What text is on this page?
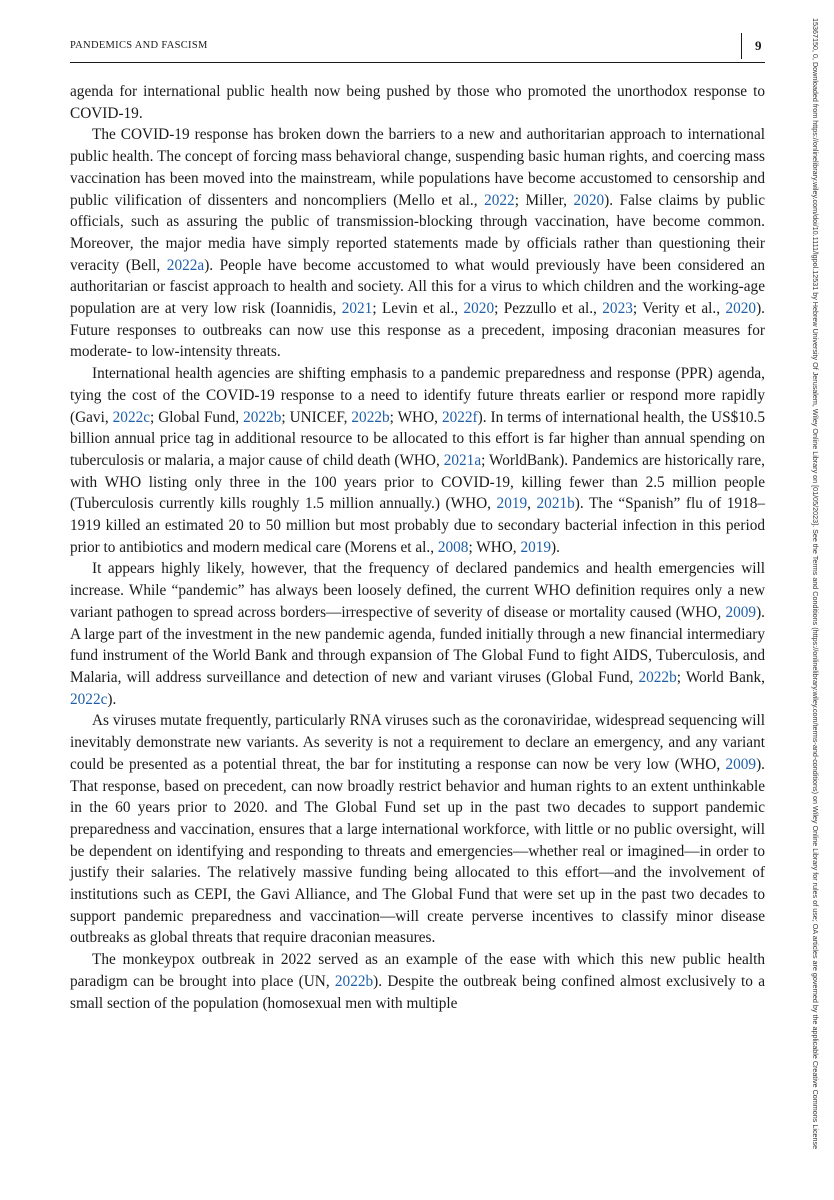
PANDEMICS AND FASCISM	9

agenda for international public health now being pushed by those who promoted the unorthodox response to COVID-19.

The COVID-19 response has broken down the barriers to a new and authoritarian approach to international public health. The concept of forcing mass behavioral change, suspending basic human rights, and coercing mass vaccination has been moved into the mainstream, while populations have become accustomed to censorship and public vilification of dissenters and noncompliers (Mello et al., 2022; Miller, 2020). False claims by public officials, such as assuring the public of transmission-blocking through vaccination, have become common. Moreover, the major media have simply reported statements made by officials rather than questioning their veracity (Bell, 2022a). People have become accustomed to what would previously have been considered an authoritarian or fascist approach to health and society. All this for a virus to which children and the working-age population are at very low risk (Ioannidis, 2021; Levin et al., 2020; Pezzullo et al., 2023; Verity et al., 2020). Future responses to outbreaks can now use this response as a precedent, imposing draconian measures for moderate- to low-intensity threats.

International health agencies are shifting emphasis to a pandemic preparedness and response (PPR) agenda, tying the cost of the COVID-19 response to a need to identify future threats earlier or respond more rapidly (Gavi, 2022c; Global Fund, 2022b; UNICEF, 2022b; WHO, 2022f). In terms of international health, the US$10.5 billion annual price tag in additional resource to be allocated to this effort is far higher than annual spending on tuberculosis or malaria, a major cause of child death (WHO, 2021a; WorldBank). Pandemics are historically rare, with WHO listing only three in the 100 years prior to COVID-19, killing fewer than 2.5 million people (Tuberculosis currently kills roughly 1.5 million annually.) (WHO, 2019, 2021b). The “Spanish” flu of 1918–1919 killed an estimated 20 to 50 million but most probably due to secondary bacterial infection in this period prior to antibiotics and modern medical care (Morens et al., 2008; WHO, 2019).

It appears highly likely, however, that the frequency of declared pandemics and health emergencies will increase. While “pandemic” has always been loosely defined, the current WHO definition requires only a new variant pathogen to spread across borders—irrespective of severity of disease or mortality caused (WHO, 2009). A large part of the investment in the new pandemic agenda, funded initially through a new financial intermediary fund instrument of the World Bank and through expansion of The Global Fund to fight AIDS, Tuberculosis, and Malaria, will address surveillance and detection of new and variant viruses (Global Fund, 2022b; World Bank, 2022c).

As viruses mutate frequently, particularly RNA viruses such as the coronaviridae, widespread sequencing will inevitably demonstrate new variants. As severity is not a requirement to declare an emergency, and any variant could be presented as a potential threat, the bar for instituting a response can now be very low (WHO, 2009). That response, based on precedent, can now broadly restrict behavior and human rights to an extent unthinkable in the 60 years prior to 2020. and The Global Fund set up in the past two decades to support pandemic preparedness and vaccination, ensures that a large international workforce, with little or no public oversight, will be dependent on identifying and responding to threats and emergencies—whether real or imagined—in order to justify their salaries. The relatively massive funding being allocated to this effort—and the involvement of institutions such as CEPI, the Gavi Alliance, and The Global Fund that were set up in the past two decades to support pandemic preparedness and vaccination—will create perverse incentives to classify minor disease outbreaks as global threats that require draconian measures.

The monkeypox outbreak in 2022 served as an example of the ease with which this new public health paradigm can be brought into place (UN, 2022b). Despite the outbreak being confined almost exclusively to a small section of the population (homosexual men with multiple	15367150, 0, Downloaded from https://onlinelibrary.wiley.com/doi/10.1111/lgpol.12531 by Hebrew University Of Jerusalem, Wiley Online Library on [01/05/2023]. See the Terms and Conditions (https://onlinelibrary.wiley.com/terms-and-conditions) on Wiley Online Library for rules of use; OA articles are governed by the applicable Creative Commons License
